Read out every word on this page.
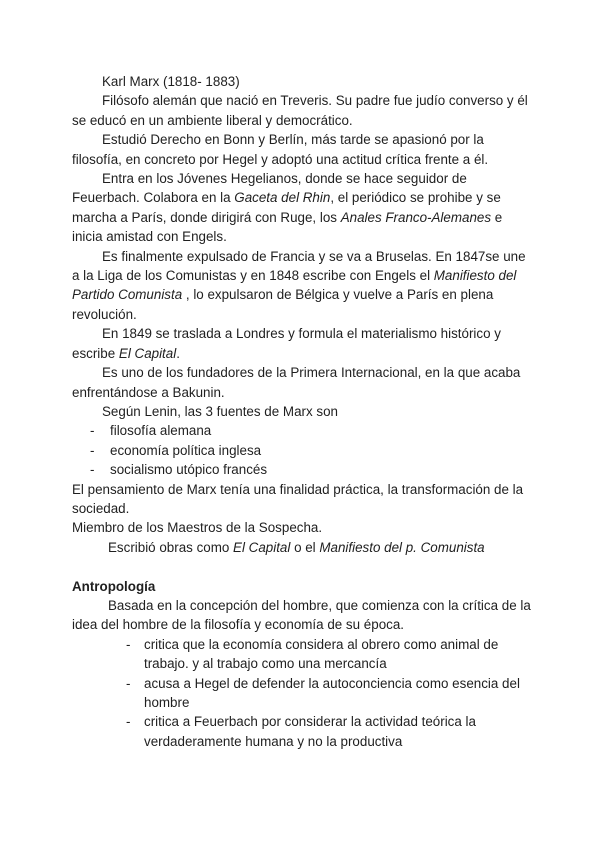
Karl Marx (1818- 1883)

Filósofo alemán que nació en Treveris. Su padre fue judío converso y él se educó en un ambiente liberal y democrático.

Estudió Derecho en Bonn y Berlín, más tarde se apasionó por la filosofía, en concreto por Hegel y adoptó una actitud crítica frente a él.

Entra en los Jóvenes Hegelianos, donde se hace seguidor de Feuerbach. Colabora en la Gaceta del Rhin, el periódico se prohibe y se marcha a París, donde dirigirá con Ruge, los Anales Franco-Alemanes e inicia amistad con Engels.

Es finalmente expulsado de Francia y se va a Bruselas. En 1847se une a la Liga de los Comunistas y en 1848 escribe con Engels el Manifiesto del Partido Comunista , lo expulsaron de Bélgica y vuelve a París en plena revolución.

En 1849 se traslada a Londres y formula el materialismo histórico y escribe El Capital.

Es uno de los fundadores de la Primera Internacional, en la que acaba enfrentándose a Bakunin.

Según Lenin, las 3 fuentes de Marx son

- filosofía alemana
- economía política inglesa
- socialismo utópico francés

El pensamiento de Marx tenía una finalidad práctica, la transformación de la sociedad.

Miembro de los Maestros de la Sospecha.

Escribió obras como El Capital o el Manifiesto del p. Comunista

Antropología

Basada en la concepción del hombre, que comienza con la crítica de la idea del hombre de la filosofía y economía de su época.

- critica que la economía considera al obrero como animal de trabajo. y al trabajo como una mercancía
- acusa a Hegel de defender la autoconciencia como esencia del hombre
- critica a Feuerbach por considerar la actividad teórica la verdaderamente humana y no la productiva
